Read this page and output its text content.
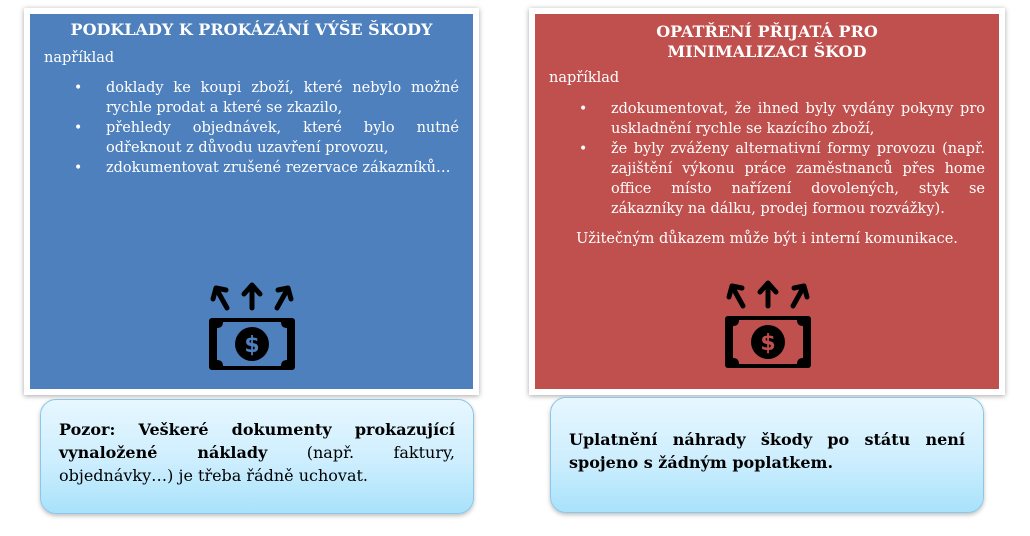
PODKLADY K PROKÁZÁNÍ VÝŠE ŠKODY

například

• doklady ke koupi zboží, které nebylo možné rychle prodat a které se zkazilo,
• přehledy objednávek, které bylo nutné odřeknout z důvodu uzavření provozu,
• zdokumentovat zrušené rezervace zákazníků…
$

OPATŘENÍ PŘIJATÁ PRO MINIMALIZACI ŠKOD

například

• zdokumentovat, že ihned byly vydány pokyny pro uskladnění rychle se kazícího zboží,
• že byly zváženy alternativní formy provozu (např. zajištění výkonu práce zaměstnanců přes home office místo nařízení dovolených, styk se zákazníky na dálku, prodej formou rozvážky).

Užitečným důkazem může být i interní komunikace.

$
Pozor: Veškeré dokumenty prokazující vynaložené náklady (např. faktury, objednávky…) je třeba řádně uchovat.
Uplatnění náhrady škody po státu není spojeno s žádným poplatkem.
